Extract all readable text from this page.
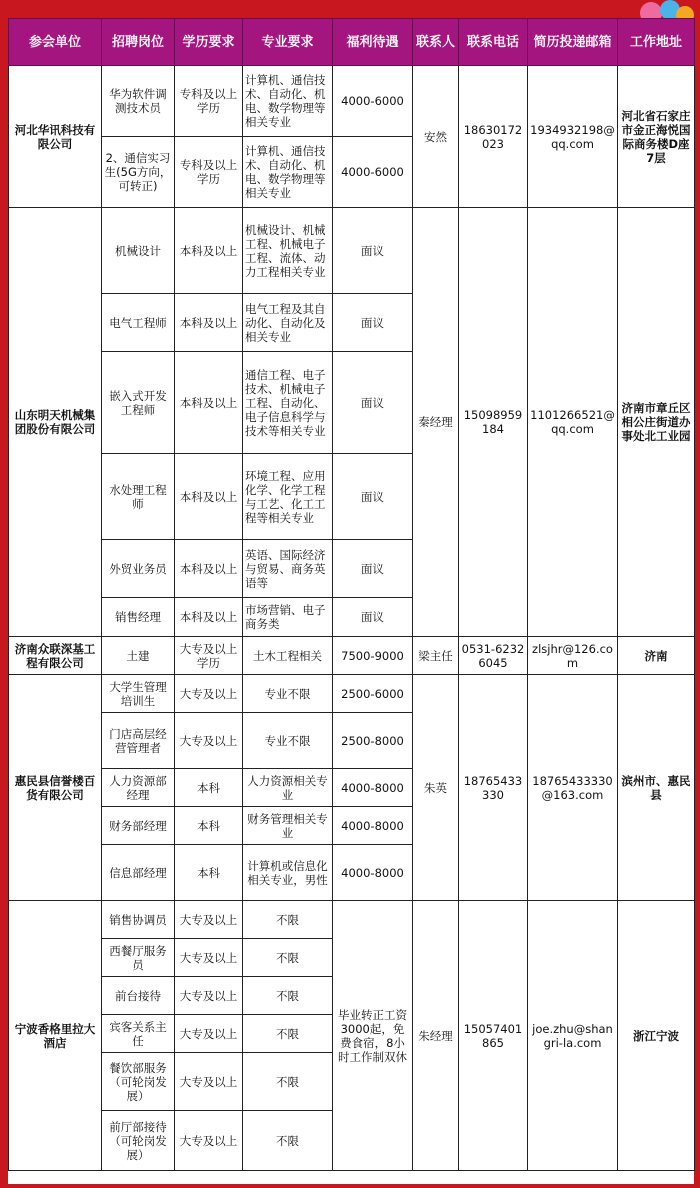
参会单位	招聘岗位	学历要求	专业要求	福利待遇	联系人	联系电话	简历投递邮箱	工作地址
河北华讯科技有限公司	华为软件调测技术员	专科及以上学历	计算机、通信技术、自动化、机电、数学物理等相关专业	4000-6000	安然	18630172023	1934932198@qq.com	河北省石家庄市金正海悦国际商务楼D座7层
	2、通信实习生(5G方向，可转正)	专科及以上学历	计算机、通信技术、自动化、机电、数学物理等相关专业	4000-6000				
山东明天机械集团股份有限公司	机械设计	本科及以上	机械设计、机械工程、机械电子工程、流体、动力工程相关专业	面议	秦经理	15098959184	1101266521@qq.com	济南市章丘区相公庄街道办事处北工业园
	电气工程师	本科及以上	电气工程及其自动化、自动化及相关专业	面议				
	嵌入式开发工程师	本科及以上	通信工程、电子技术、机械电子工程、自动化、电子信息科学与技术等相关专业	面议				
	水处理工程师	本科及以上	环境工程、应用化学、化学工程与工艺、化工工程等相关专业	面议				
	外贸业务员	本科及以上	英语、国际经济与贸易、商务英语等	面议				
	销售经理	本科及以上	市场营销、电子商务类	面议				
济南众联深基工程有限公司	土建	大专及以上学历	土木工程相关	7500-9000	梁主任	0531-62326045	zlsjhr@126.com	济南
惠民县信誉楼百货有限公司	大学生管理培训生	大专及以上	专业不限	2500-6000	朱英	18765433330	18765433330@163.com	滨州市、惠民县
	门店高层经营管理者	大专及以上	专业不限	2500-8000				
	人力资源部经理	本科	人力资源相关专业	4000-8000				
	财务部经理	本科	财务管理相关专业	4000-8000				
	信息部经理	本科	计算机或信息化相关专业，男性	4000-8000				
宁波香格里拉大酒店	销售协调员	大专及以上	不限	毕业转正工资3000起，免费食宿，8小时工作制双休	朱经理	15057401865	joe.zhu@shangri-la.com	浙江宁波
	西餐厅服务员	大专及以上	不限					
	前台接待	大专及以上	不限					
	宾客关系主任	大专及以上	不限					
	餐饮部服务（可轮岗发展）	大专及以上	不限					
	前厅部接待（可轮岗发展）	大专及以上	不限					
